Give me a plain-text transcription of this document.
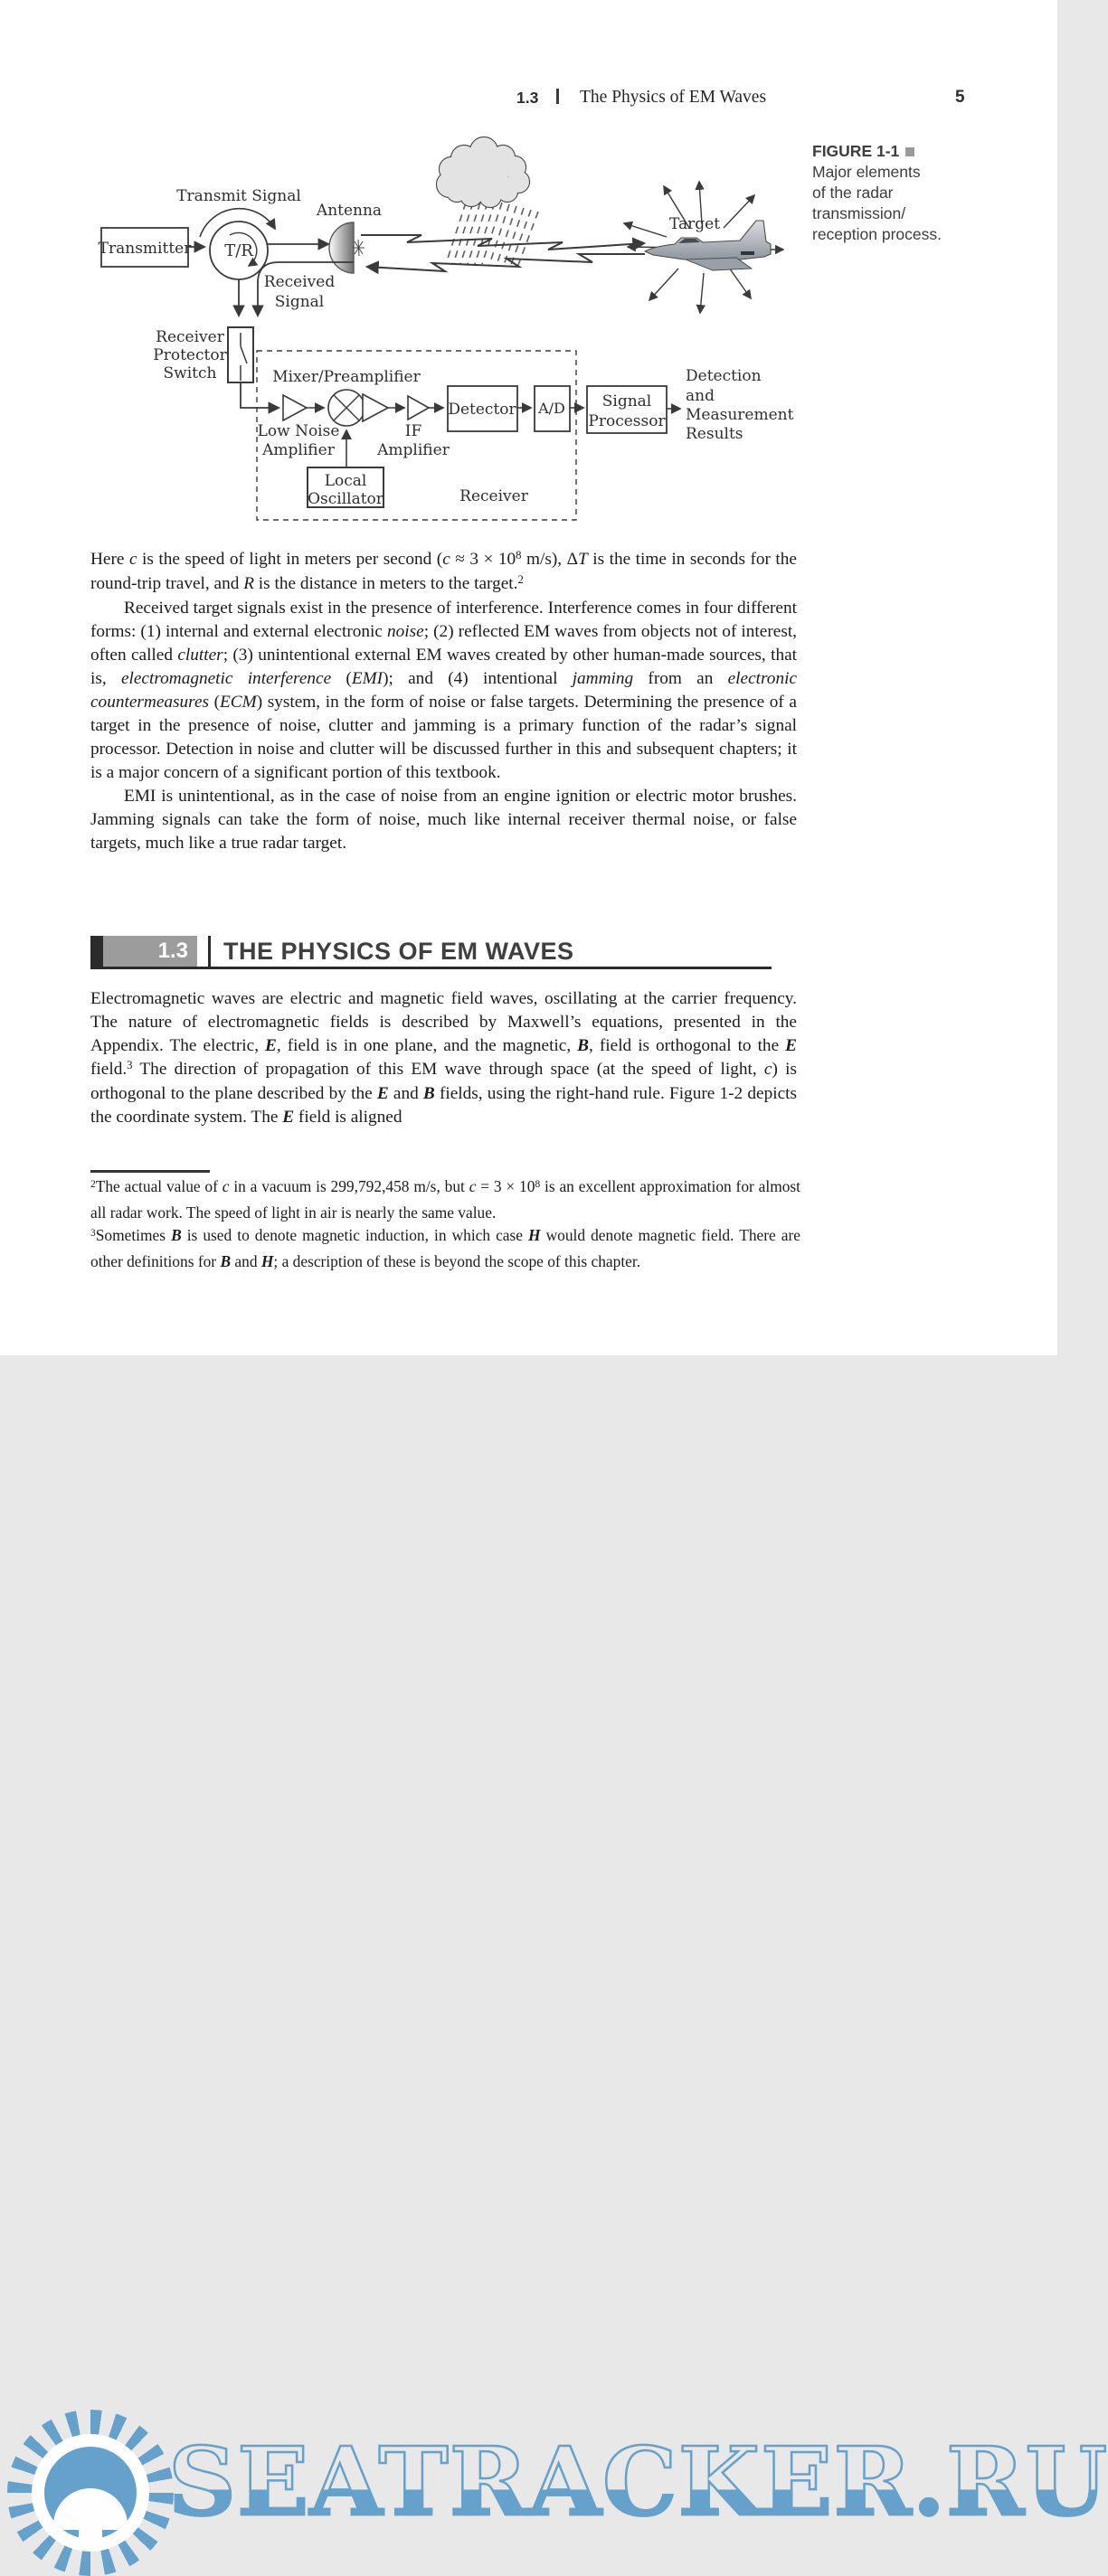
1.3 The Physics of EM Waves	5
Target
Transmitter T/R
Transmit Signal
Antenna
Received
Signal
Receiver
Protector
Switch	Mixer/Preamplifier
Low Noise
Amplifier
IF
Amplifier
Detector A/D Signal
Processor
Detection
and
Measurement
Results
Local
Oscillator	Receiver
FIGURE 1-1
Major elements
of the radar
transmission/
reception process.

Here c is the speed of light in meters per second ($c \approx 3 \times 10^8$ m/s), ΔT is the time in seconds for the round-trip travel, and R is the distance in meters to the target.$^2$

Received target signals exist in the presence of interference. Interference comes in four different forms: (1) internal and external electronic noise; (2) reflected EM waves from objects not of interest, often called clutter; (3) unintentional external EM waves created by other human-made sources, that is, electromagnetic interference (EMI); and (4) intentional jamming from an electronic countermeasures (ECM) system, in the form of noise or false targets. Determining the presence of a target in the presence of noise, clutter and jamming is a primary function of the radar’s signal processor. Detection in noise and clutter will be discussed further in this and subsequent chapters; it is a major concern of a significant portion of this textbook.

EMI is unintentional, as in the case of noise from an engine ignition or electric motor brushes. Jamming signals can take the form of noise, much like internal receiver thermal noise, or false targets, much like a true radar target.

1.3	THE PHYSICS OF EM WAVES

Electromagnetic waves are electric and magnetic field waves, oscillating at the carrier frequency. The nature of electromagnetic fields is described by Maxwell’s equations, presented in the Appendix. The electric, E, field is in one plane, and the magnetic, B, field is orthogonal to the E field.$^3$ The direction of propagation of this EM wave through space (at the speed of light, c) is orthogonal to the plane described by the E and B fields, using the right-hand rule. Figure 1-2 depicts the coordinate system. The E field is aligned

$^2$The actual value of c in a vacuum is 299,792,458 m/s, but $c = 3 \times 10^8$ is an excellent approximation for almost all radar work. The speed of light in air is nearly the same value.

$^3$Sometimes B is used to denote magnetic induction, in which case H would denote magnetic field. There are other definitions for B and H; a description of these is beyond the scope of this chapter.

SEATRACKER.RU
